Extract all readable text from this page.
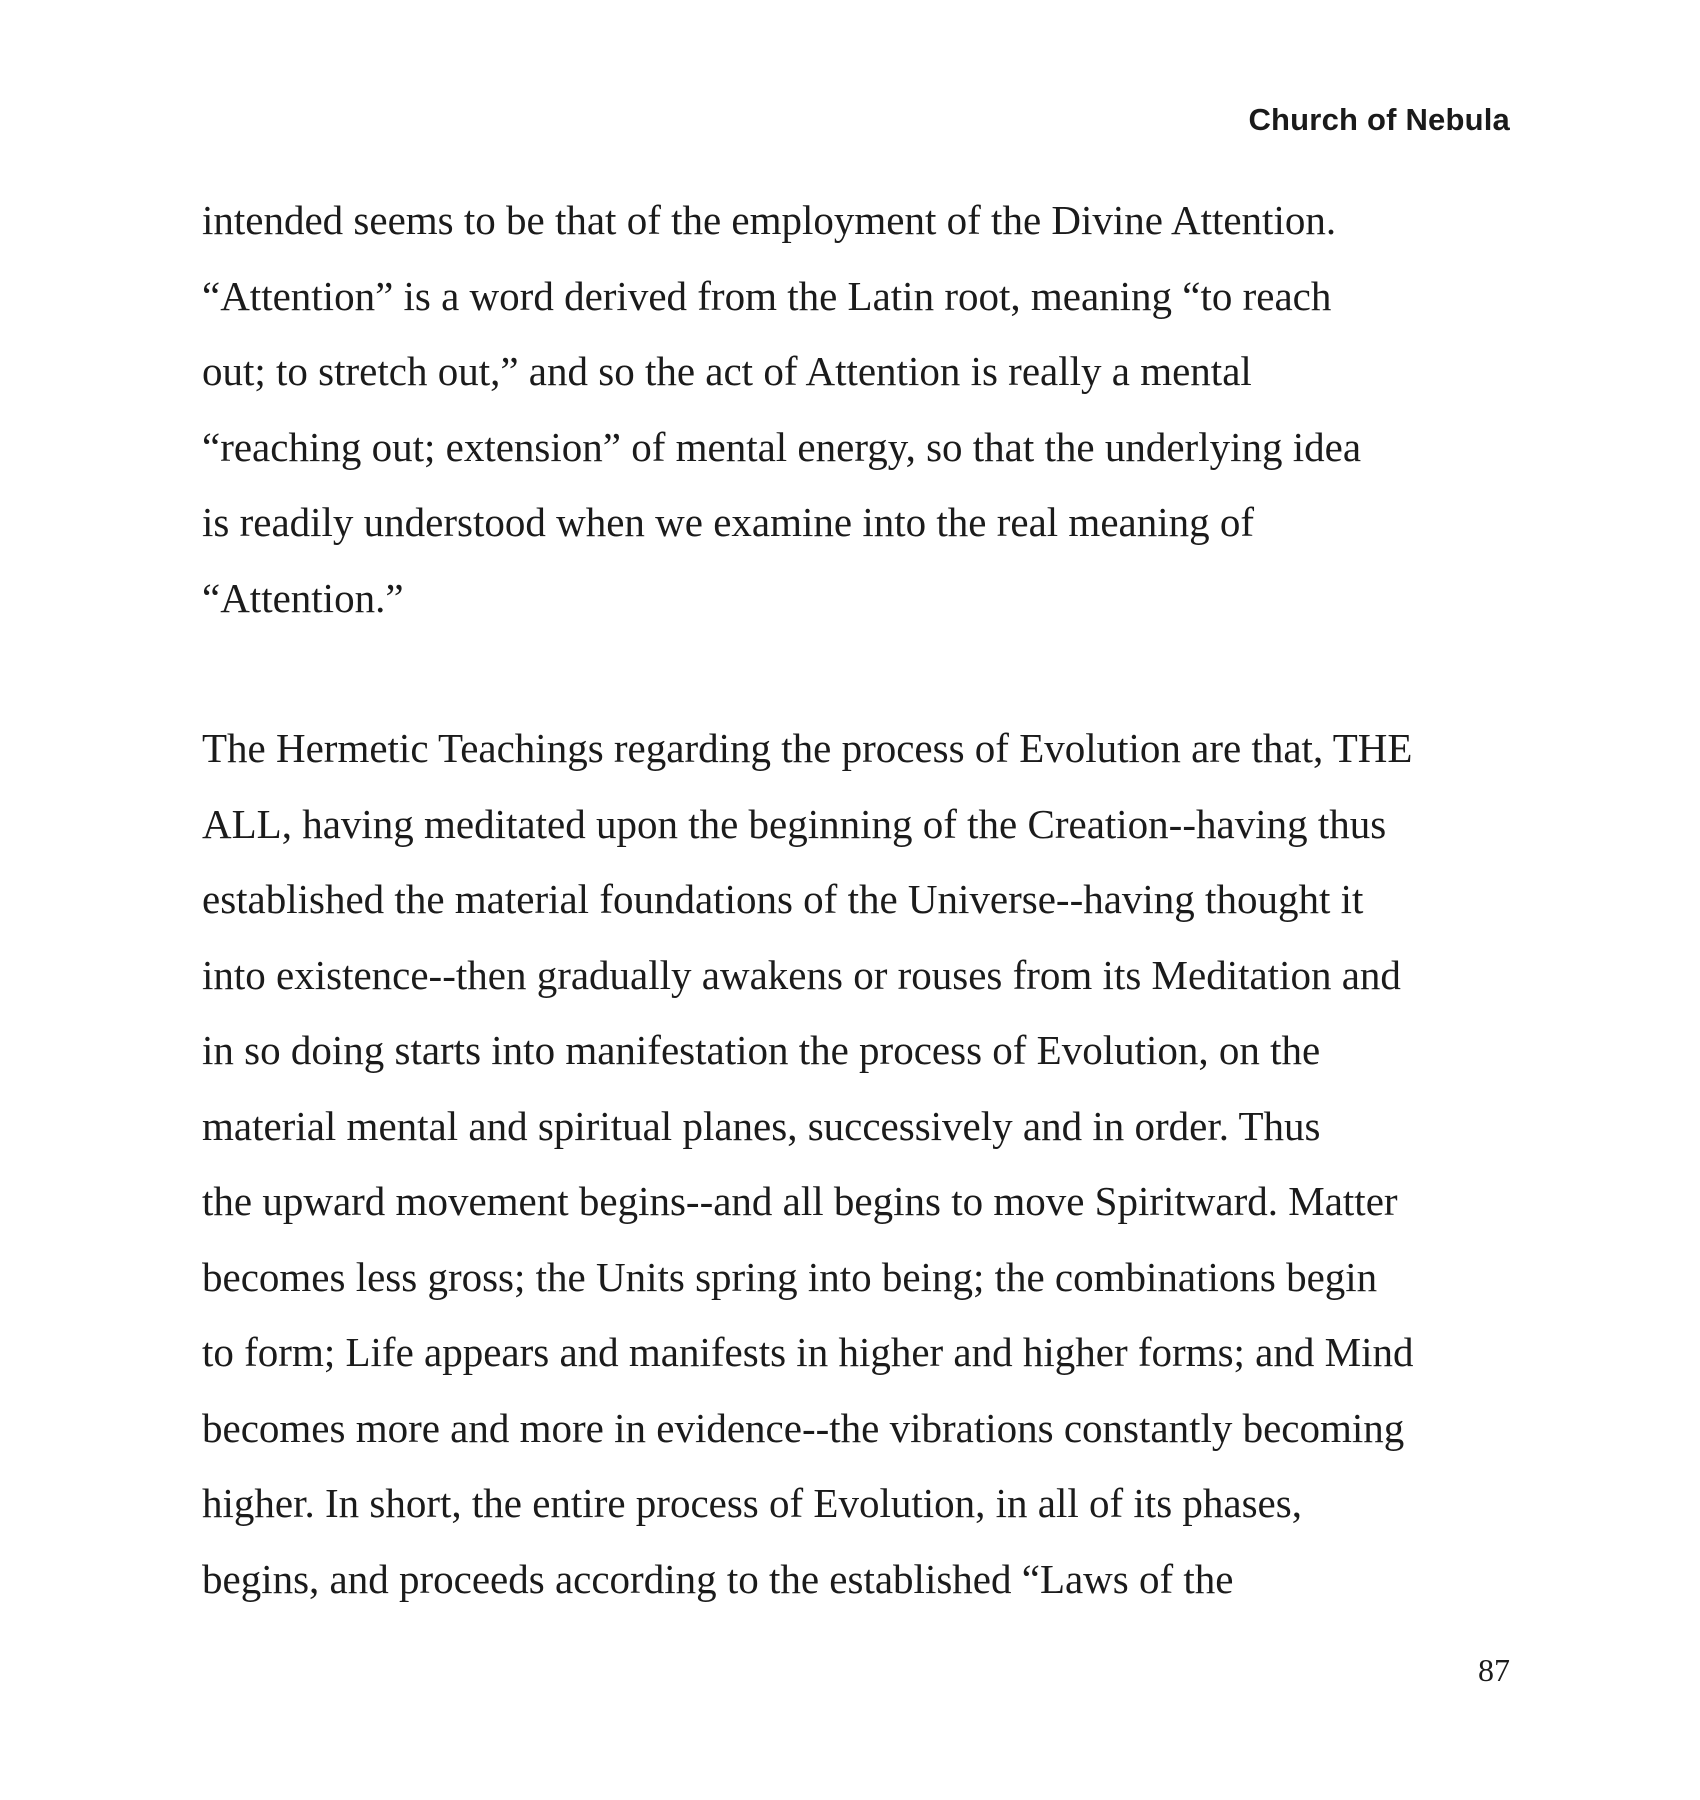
Church of Nebula
intended seems to be that of the employment of the Divine Attention.
“Attention” is a word derived from the Latin root, meaning “to reach
out; to stretch out,” and so the act of Attention is really a mental
“reaching out; extension” of mental energy, so that the underlying idea
is readily understood when we examine into the real meaning of
“Attention.”
The Hermetic Teachings regarding the process of Evolution are that, THE
ALL, having meditated upon the beginning of the Creation--having thus
established the material foundations of the Universe--having thought it
into existence--then gradually awakens or rouses from its Meditation and
in so doing starts into manifestation the process of Evolution, on the
material mental and spiritual planes, successively and in order. Thus
the upward movement begins--and all begins to move Spiritward. Matter
becomes less gross; the Units spring into being; the combinations begin
to form; Life appears and manifests in higher and higher forms; and Mind
becomes more and more in evidence--the vibrations constantly becoming
higher. In short, the entire process of Evolution, in all of its phases,
begins, and proceeds according to the established “Laws of the
87
